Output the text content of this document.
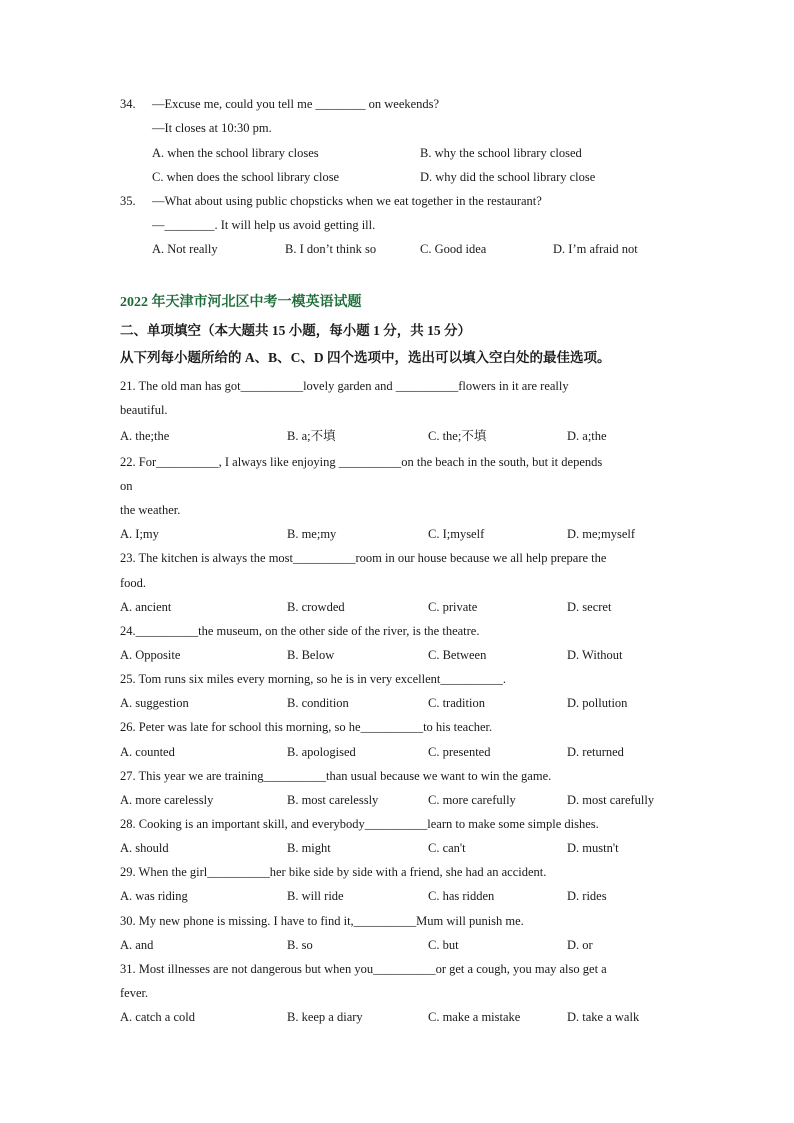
34. —Excuse me, could you tell me ________ on weekends?
—It closes at 10:30 pm.
A. when the school library closes	B. why the school library closed
C. when does the school library close	D. why did the school library close
35. —What about using public chopsticks when we eat together in the restaurant?
—________. It will help us avoid getting ill.
A. Not really	B. I don’t think so	C. Good idea	D. I’m afraid not
2022 年天津市河北区中考一模英语试题
二、单项填空（本大题共 15 小题，每小题 1 分，共 15 分）
从下列每小题所给的 A、B、C、D 四个选项中，选出可以填入空白处的最佳选项。
21. The old man has got__________lovely garden and __________flowers in it are really
beautiful.
A. the;the	B. a;不填	C. the;不填	D. a;the
22. For__________, I always like enjoying __________on the beach in the south, but it depends
on
the weather.
A. I;my	B. me;my	C. I;myself	D. me;myself
23. The kitchen is always the most__________room in our house because we all help prepare the
food.
A. ancient	B. crowded	C. private	D. secret
24.__________the museum, on the other side of the river, is the theatre.
A. Opposite	B. Below	C. Between	D. Without
25. Tom runs six miles every morning, so he is in very excellent__________.
A. suggestion	B. condition	C. tradition	D. pollution
26. Peter was late for school this morning, so he__________to his teacher.
A. counted	B. apologised	C. presented	D. returned
27. This year we are training__________than usual because we want to win the game.
A. more carelessly	B. most carelessly	C. more carefully	D. most carefully
28. Cooking is an important skill, and everybody__________learn to make some simple dishes.
A. should	B. might	C. can't	D. mustn't
29. When the girl__________her bike side by side with a friend, she had an accident.
A. was riding	B. will ride	C. has ridden	D. rides
30. My new phone is missing. I have to find it,__________Mum will punish me.
A. and	B. so	C. but	D. or
31. Most illnesses are not dangerous but when you__________or get a cough, you may also get a
fever.
A. catch a cold	B. keep a diary	C. make a mistake	D. take a walk
